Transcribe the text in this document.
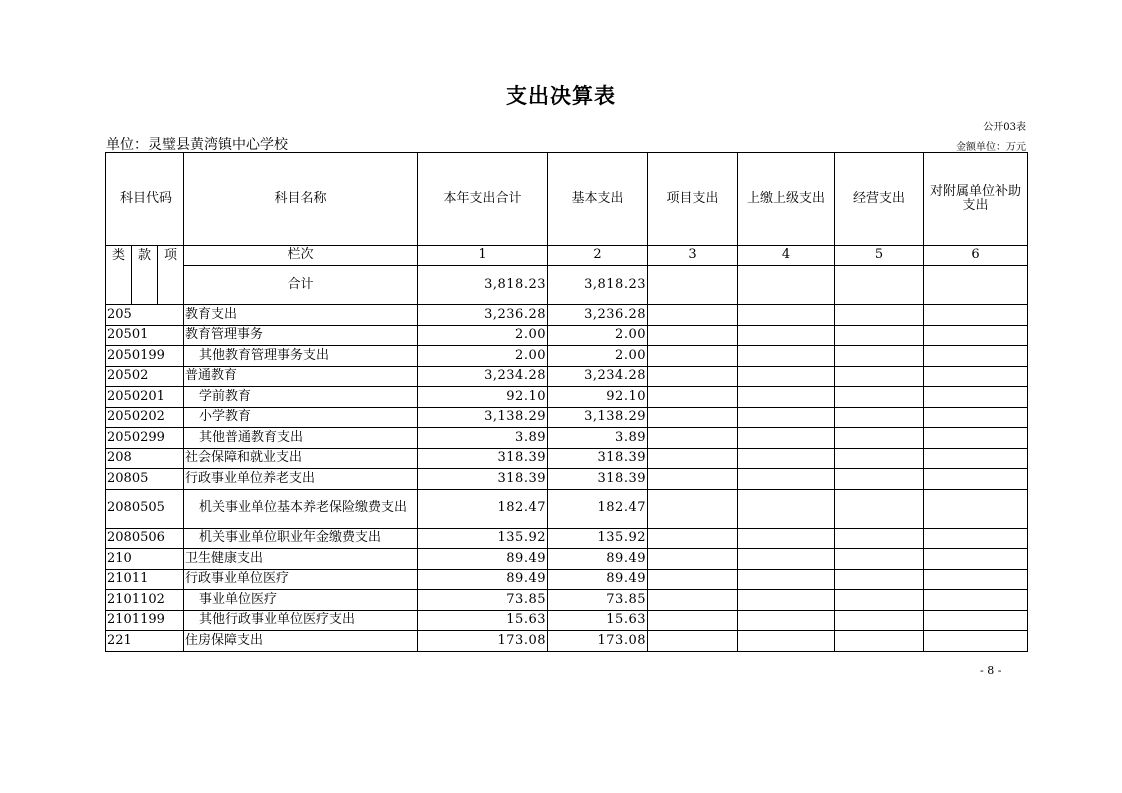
支出决算表
公开03表
单位：灵璧县黄湾镇中心学校	金额单位：万元
科目代码			科目名称	本年支出合计	基本支出	项目支出	上缴上级支出	经营支出	对附属单位补助支出
类	款	项	栏次	1	2	3	4	5	6
			合计	3,818.23	3,818.23				
205			教育支出	3,236.28	3,236.28				
20501			教育管理事务	2.00	2.00				
2050199			其他教育管理事务支出	2.00	2.00				
20502			普通教育	3,234.28	3,234.28				
2050201			学前教育	92.10	92.10				
2050202			小学教育	3,138.29	3,138.29				
2050299			其他普通教育支出	3.89	3.89				
208			社会保障和就业支出	318.39	318.39				
20805			行政事业单位养老支出	318.39	318.39				
2080505			机关事业单位基本养老保险缴费支出	182.47	182.47				
2080506			机关事业单位职业年金缴费支出	135.92	135.92				
210			卫生健康支出	89.49	89.49				
21011			行政事业单位医疗	89.49	89.49				
2101102			事业单位医疗	73.85	73.85				
2101199			其他行政事业单位医疗支出	15.63	15.63				
221			住房保障支出	173.08	173.08				
- 8 -
